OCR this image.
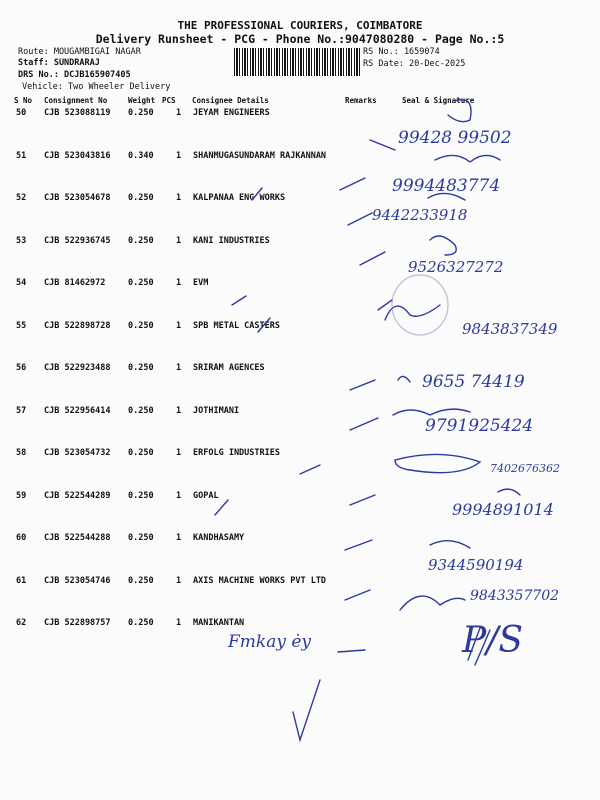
THE PROFESSIONAL COURIERS, COIMBATORE
Delivery Runsheet - PCG - Phone No.:9047080280 - Page No.:5
Route: MOUGAMBIGAI NAGAR
Staff: SUNDRARAJ
DRS No.: DCJB165907405
Vehicle: Two Wheeler Delivery
RS No.: 1659074
RS Date: 20-Dec-2025
S No Consignment No	Weight PCS Consignee Details	Remarks	Seal & Signature
50 CJB 523088119 0.250	1 JEYAM ENGINEERS
51 CJB 523043816 0.340	1 SHANMUGASUNDARAM RAJKANNAN
52 CJB 523054678 0.250	1 KALPANAA ENG WORKS
53 CJB 522936745 0.250	1 KANI INDUSTRIES
54 CJB 81462972	0.250	1 EVM
55 CJB 522898728 0.250	1 SPB METAL CASTERS
56 CJB 522923488 0.250	1 SRIRAM AGENCES
57 CJB 522956414 0.250	1 JOTHIMANI
58 CJB 523054732 0.250	1 ERFOLG INDUSTRIES
59 CJB 522544289 0.250	1 GOPAL
60 CJB 522544288 0.250	1 KANDHASAMY
61 CJB 523054746 0.250	1 AXIS MACHINE WORKS PVT LTD
62 CJB 522898757 0.250	1 MANIKANTAN
99428 99502
9994483774
9442233918
9526327272
9843837349
9655 74419
9791925424
7402676362
9994891014
9344590194
9843357702
Fmkay ėy	P/S
